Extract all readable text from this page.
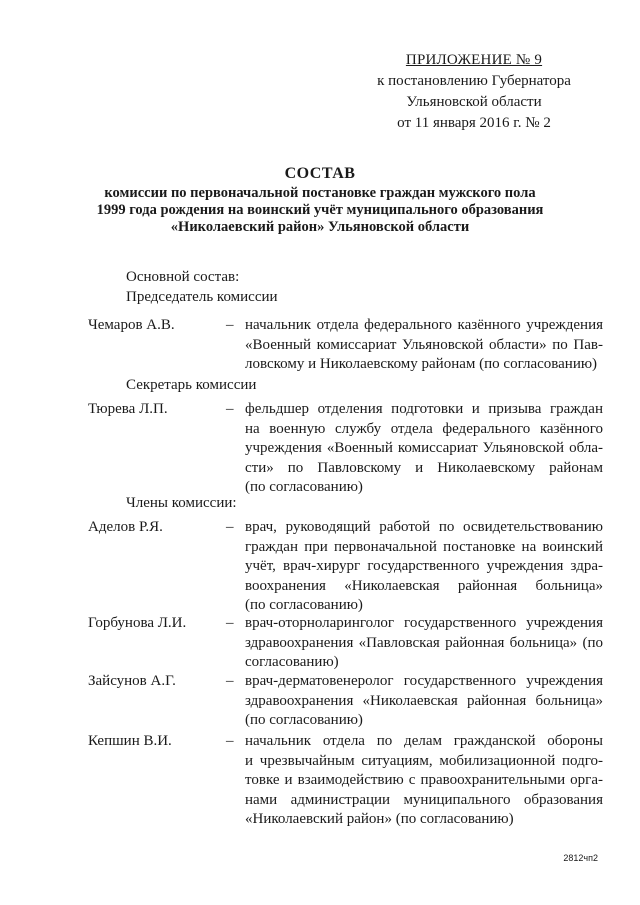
ПРИЛОЖЕНИЕ № 9
к постановлению Губернатора
Ульяновской области
от 11 января 2016 г. № 2
СОСТАВ
комиссии по первоначальной постановке граждан мужского пола
1999 года рождения на воинский учёт муниципального образования
«Николаевский район» Ульяновской области
Основной состав:
Председатель комиссии
Чемаров А.В.	– начальник отдела федерального казённого учреждения
«Военный комиссариат Ульяновской области» по Пав-
ловскому и Николаевскому районам (по согласованию)
Секретарь комиссии
Тюрева Л.П.	– фельдшер отделения подготовки и призыва граждан
на военную службу отдела федерального казённого
учреждения «Военный комиссариат Ульяновской обла-
сти» по Павловскому и Николаевскому районам
(по согласованию)
Члены комиссии:
Аделов Р.Я.	– врач, руководящий работой по освидетельствованию
граждан при первоначальной постановке на воинский
учёт, врач-хирург государственного учреждения здра-
воохранения «Николаевская районная больница»
(по согласованию)
Горбунова Л.И.	– врач-оторноларинголог государственного учреждения
здравоохранения «Павловская районная больница» (по
согласованию)
Зайсунов А.Г.	– врач-дерматовенеролог государственного учреждения
здравоохранения «Николаевская районная больница»
(по согласованию)
Кепшин В.И.	– начальник отдела по делам гражданской обороны
и чрезвычайным ситуациям, мобилизационной подго-
товке и взаимодействию с правоохранительными орга-
нами администрации муниципального образования
«Николаевский район» (по согласованию)
2812чп2
